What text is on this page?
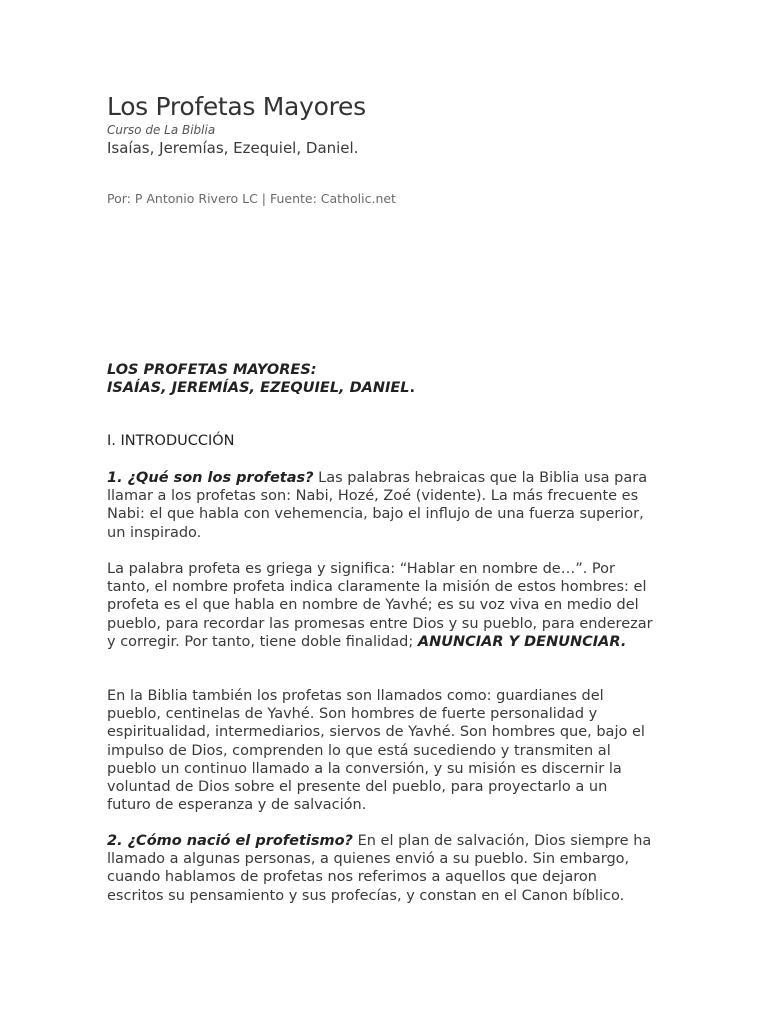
Los Profetas Mayores
Curso de La Biblia
Isaías, Jeremías, Ezequiel, Daniel.
Por: P Antonio Rivero LC | Fuente: Catholic.net
LOS PROFETAS MAYORES:
ISAÍAS, JEREMÍAS, EZEQUIEL, DANIEL.
I. INTRODUCCIÓN

1. ¿Qué son los profetas? Las palabras hebraicas que la Biblia usa para llamar a los profetas son: Nabi, Hozé, Zoé (vidente). La más frecuente es Nabi: el que habla con vehemencia, bajo el influjo de una fuerza superior, un inspirado.

La palabra profeta es griega y significa: “Hablar en nombre de…”. Por tanto, el nombre profeta indica claramente la misión de estos hombres: el profeta es el que habla en nombre de Yavhé; es su voz viva en medio del pueblo, para recordar las promesas entre Dios y su pueblo, para enderezar y corregir. Por tanto, tiene doble finalidad; ANUNCIAR Y DENUNCIAR.

En la Biblia también los profetas son llamados como: guardianes del pueblo, centinelas de Yavhé. Son hombres de fuerte personalidad y espiritualidad, intermediarios, siervos de Yavhé. Son hombres que, bajo el impulso de Dios, comprenden lo que está sucediendo y transmiten al pueblo un continuo llamado a la conversión, y su misión es discernir la voluntad de Dios sobre el presente del pueblo, para proyectarlo a un futuro de esperanza y de salvación.

2. ¿Cómo nació el profetismo? En el plan de salvación, Dios siempre ha llamado a algunas personas, a quienes envió a su pueblo. Sin embargo, cuando hablamos de profetas nos referimos a aquellos que dejaron escritos su pensamiento y sus profecías, y constan en el Canon bíblico.
